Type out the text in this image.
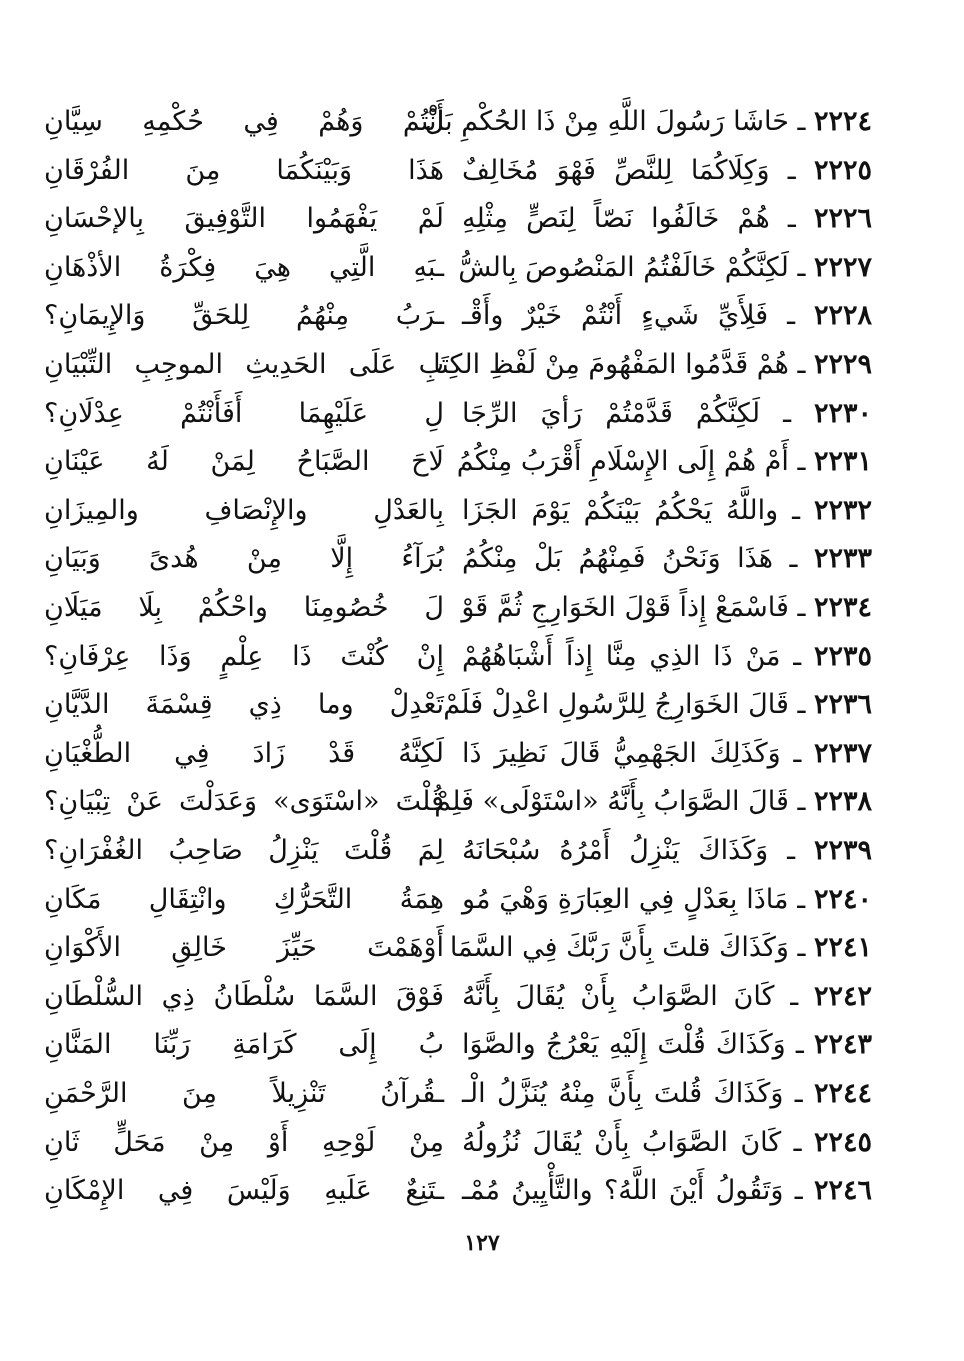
٢٢٢٤ ـ حَاشَا رَسُولَ اللَّهِ مِنْ ذَا الحُكْمِ بَلْ
أَنْتُمْ وَهُمْ فِي حُكْمِهِ سِيَّانِ
٢٢٢٥ ـ وَكِلَاكُمَا لِلنَّصِّ فَهْوَ مُخَالِفٌ
هَذَا وَبَيْنَكُمَا مِنَ الفُرْقَانِ
٢٢٢٦ ـ هُمْ خَالَفُوا نَصّاً لِنَصٍّ مِثْلِهِ
لَمْ يَفْهَمُوا التَّوْفِيقَ بِالإحْسَانِ
٢٢٢٧ ـ لَكِنَّكُمْ خَالَفْتُمُ المَنْصُوصَ بِالشُّ
ـبَهِ الَّتِي هِيَ فِكْرَةُ الأذْهَانِ
٢٢٢٨ ـ فَلِأَيِّ شَيءٍ أَنْتُمْ خَيْرٌ وأَقْـ
ـرَبُ مِنْهُمُ لِلحَقِّ وَالإِيمَانِ؟
٢٢٢٩ ـ هُمْ قَدَّمُوا المَفْهُومَ مِنْ لَفْظِ الكِتَا
بِ عَلَى الحَدِيثِ الموجِبِ التِّبْيَانِ
٢٢٣٠ ـ لَكِنَّكُمْ قَدَّمْتُمْ رَأيَ الرِّجَا
لِ عَلَيْهِمَا أَفَأَنْتُمْ عِدْلَانِ؟
٢٢٣١ ـ أَمْ هُمْ إِلَى الإِسْلَامِ أَقْرَبُ مِنْكُمُ
لَاحَ الصَّبَاحُ لِمَنْ لَهُ عَيْنَانِ
٢٢٣٢ ـ واللَّهُ يَحْكُمُ بَيْنَكُمْ يَوْمَ الجَزَا
بِالعَدْلِ والإِنْصَافِ والمِيزَانِ
٢٢٣٣ ـ هَذَا وَنَحْنُ فَمِنْهُمُ بَلْ مِنْكُمُ
بُرَآءُ إِلَّا مِنْ هُدىً وَبَيَانِ
٢٢٣٤ ـ فَاسْمَعْ إِذاً قَوْلَ الخَوَارِجِ ثُمَّ قَوْ
لَ خُصُومِنَا واحْكُمْ بِلَا مَيَلَانِ
٢٢٣٥ ـ مَنْ ذَا الذِي مِنَّا إِذاً أَشْبَاهُهُمْ
إِنْ كُنْتَ ذَا عِلْمٍ وَذَا عِرْفَانِ؟
٢٢٣٦ ـ قَالَ الخَوَارِجُ لِلرَّسُولِ اعْدِلْ فَلَمْ
تَعْدِلْ وما ذِي قِسْمَةَ الدَّيَّانِ
٢٢٣٧ ـ وَكَذَلِكَ الجَهْمِيُّ قَالَ نَظِيرَ ذَا
لَكِنَّهُ قَدْ زَادَ فِي الطُّغْيَانِ
٢٢٣٨ ـ قَالَ الصَّوَابُ بِأَنَّهُ «اسْتَوْلَى» فَلِمْ
قُلْتَ «اسْتَوَى» وَعَدَلْتَ عَنْ تِبْيَانِ؟
٢٢٣٩ ـ وَكَذَاكَ يَنْزِلُ أَمْرُهُ سُبْحَانَهُ
لِمَ قُلْتَ يَنْزِلُ صَاحِبُ الغُفْرَانِ؟
٢٢٤٠ ـ مَاذَا بِعَدْلٍ فِي العِبَارَةِ وَهْيَ مُو
هِمَةُ التَّحَرُّكِ وانْتِقَالِ مَكَانِ
٢٢٤١ ـ وَكَذَاكَ قلتَ بِأَنَّ رَبَّكَ فِي السَّمَا
أَوْهَمْتَ حَيِّزَ خَالِقِ الأَكْوَانِ
٢٢٤٢ ـ كَانَ الصَّوَابُ بِأَنْ يُقَالَ بِأَنَّهُ
فَوْقَ السَّمَا سُلْطَانُ ذِي السُّلْطَانِ
٢٢٤٣ ـ وَكَذَاكَ قُلْتَ إِلَيْهِ يَعْرُجُ والصَّوَا
بُ إِلَى كَرَامَةِ رَبِّنَا المَنَّانِ
٢٢٤٤ ـ وَكَذَاكَ قُلتَ بِأَنَّ مِنْهُ يُنَزَّلُ الْـ
ـقُرآنُ تَنْزِيلاً مِنَ الرَّحْمَنِ
٢٢٤٥ ـ كَانَ الصَّوَابُ بِأَنْ يُقَالَ نُزُولُهُ
مِنْ لَوْحِهِ أَوْ مِنْ مَحَلٍّ ثَانِ
٢٢٤٦ ـ وَتَقُولُ أَيْنَ اللَّهُ؟ والتَّأْيِينُ مُمْـ
ـتَنِعٌ عَلَيهِ وَلَيْسَ فِي الإِمْكَانِ
١٢٧
